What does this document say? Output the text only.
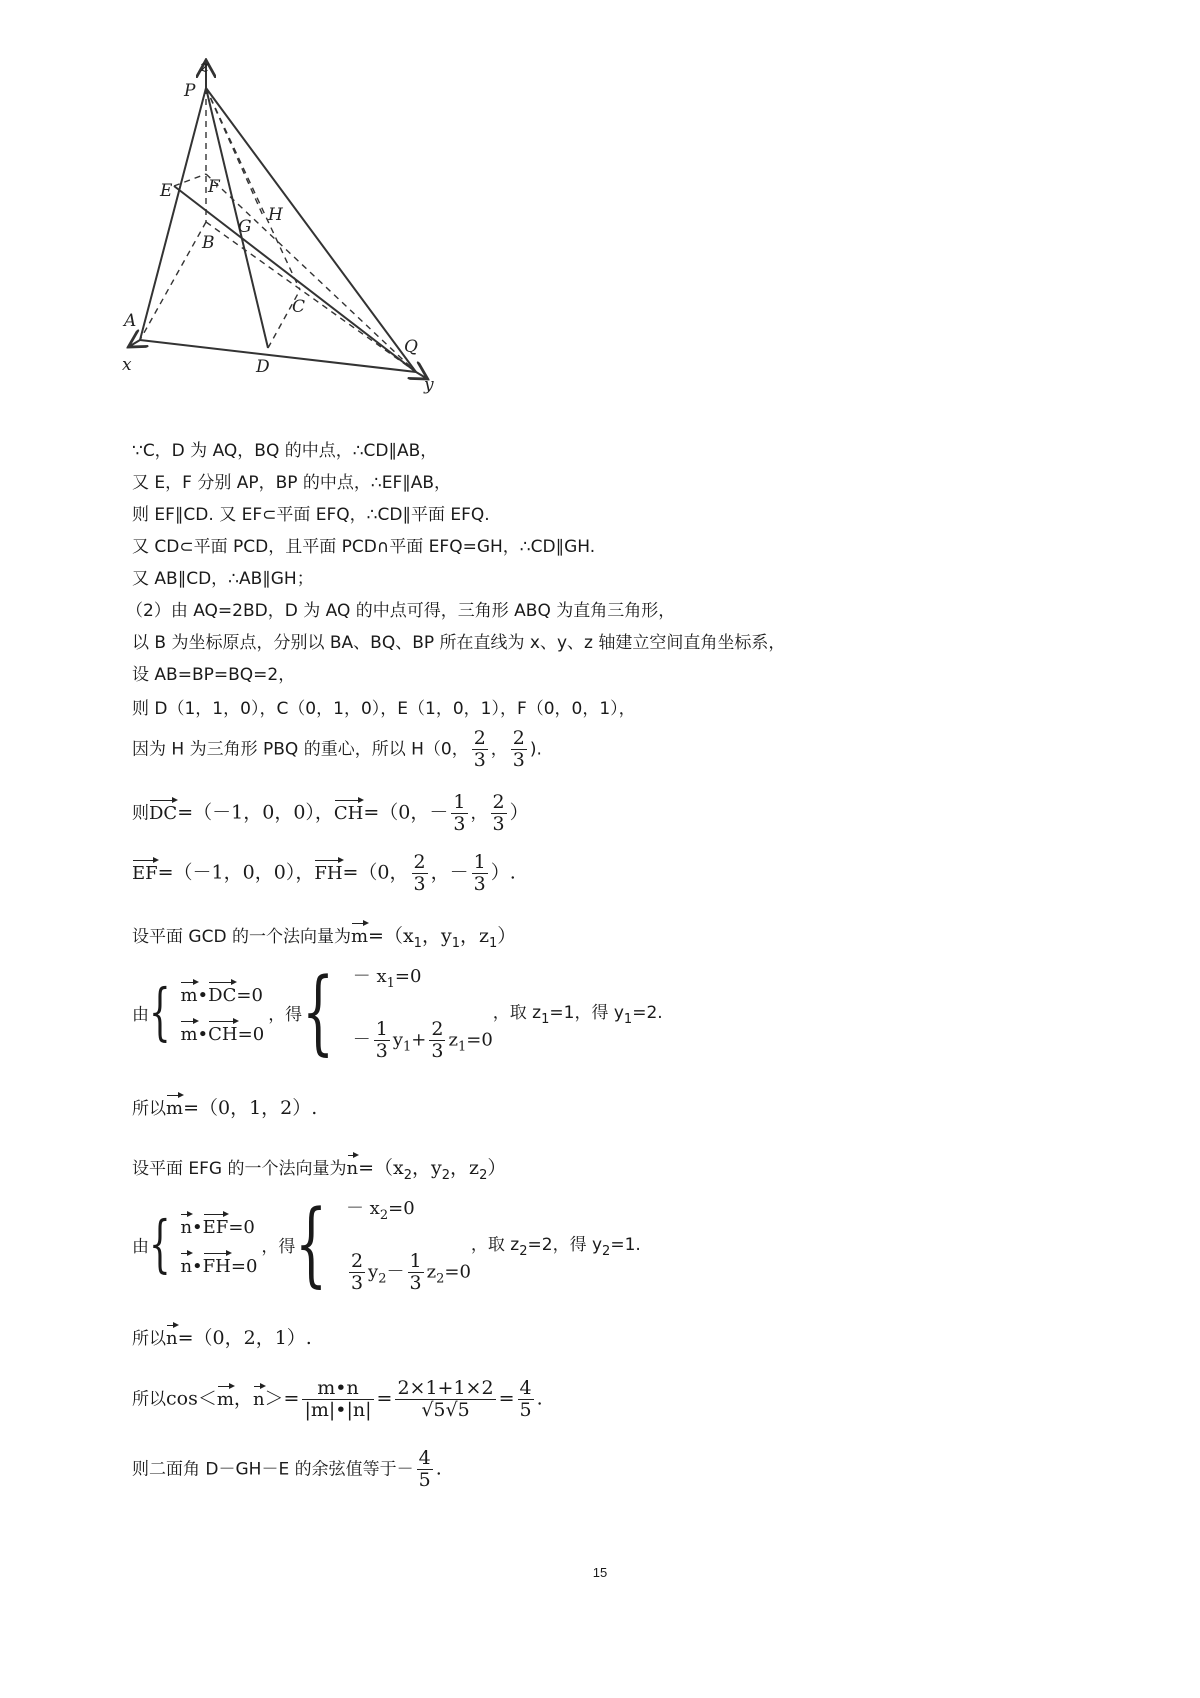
z
P
E F
H
G
B
C
A
D
Q
x
y
∵C，D 为 AQ，BQ 的中点，∴CD∥AB，
又 E，F 分别 AP，BP 的中点，∴EF∥AB，
则 EF∥CD. 又 EF⊂平面 EFQ，∴CD∥平面 EFQ.
又 CD⊂平面 PCD，且平面 PCD∩平面 EFQ=GH，∴CD∥GH.
又 AB∥CD，∴AB∥GH；
（2）由 AQ=2BD，D 为 AQ 的中点可得，三角形 ABQ 为直角三角形，
以 B 为坐标原点，分别以 BA、BQ、BP 所在直线为 x、y、z 轴建立空间直角坐标系，
设 AB=BP=BQ=2，
则 D（1，1，0），C（0，1，0），E（1，0，1），F（0，0，1），
因为 H 为三角形 PBQ 的重心，所以 H（0， $\frac{2}{3}$ ， $\frac{2}{3}$ ).
则DC=（－1，0，0），CH=（0，－ $\frac{1}{3}$ ， $\frac{2}{3}$ ）
EF=（－1，0，0），FH=（0， $\frac{2}{3}$ ，－ $\frac{1}{3}$ ）.
设平面 GCD 的一个法向量为$m=(x_1$，$y_1$，$z_1$）
由 { m•DC=0
m•CH=0
，得 { － $x_1=0$
－ $\frac{1}{3} y_1+ \frac{2}{3} z_1=0$
，取 $z_1=1$，得 $y_1=2$.
所以m=（0，1，2）.
设平面 EFG 的一个法向量为$n=(x_2$，$y_2$，$z_2$）
由 { n•EF=0
n•FH=0
，得 { － $x_2=0$
$\frac{2}{3} y_2- \frac{1}{3} z_2=0$
，取 $z_2=2$，得 $y_2=1$.
所以n=（0，2，1）.
所以cos＜m，$n>= \frac{m•n}{|m|•|n|} = \frac{2\times 1+1\times 2}{√5√5} = \frac{4}{5}$ .
则二面角 D－GH－E 的余弦值等于－ $\frac{4}{5}$ .
15
